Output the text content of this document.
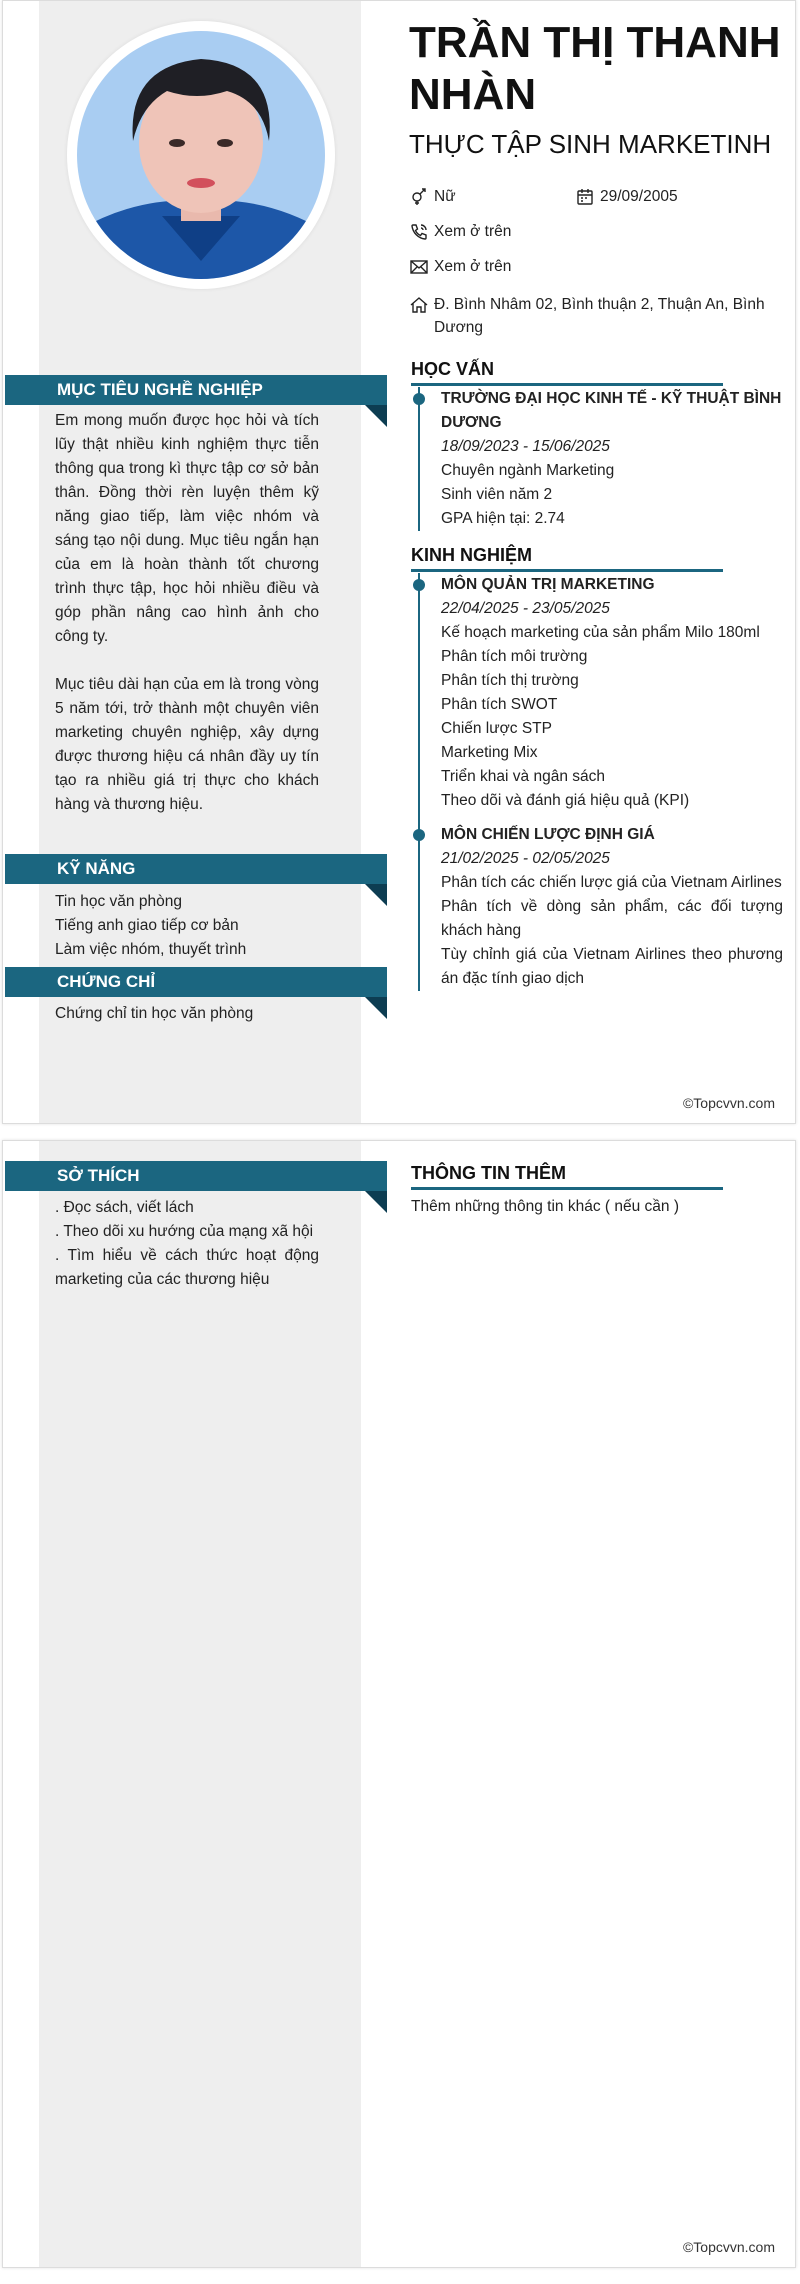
TRẦN THỊ THANH NHÀN
THỰC TẬP SINH MARKETINH
Nữ	29/09/2005
Xem ở trên
Xem ở trên
Đ. Bình Nhâm 02, Bình thuận 2, Thuận An, Bình Dương
MỤC TIÊU NGHỀ NGHIỆP

Em mong muốn được học hỏi và tích lũy thật nhiều kinh nghiệm thực tiễn thông qua trong kì thực tập cơ sở bản thân. Đồng thời rèn luyện thêm kỹ năng giao tiếp, làm việc nhóm và sáng tạo nội dung. Mục tiêu ngắn hạn của em là hoàn thành tốt chương trình thực tập, học hỏi nhiều điều và góp phần nâng cao hình ảnh cho công ty.

Mục tiêu dài hạn của em là trong vòng 5 năm tới, trở thành một chuyên viên marketing chuyên nghiệp, xây dựng được thương hiệu cá nhân đầy uy tín tạo ra nhiều giá trị thực cho khách hàng và thương hiệu.

KỸ NĂNG
Tin học văn phòng
Tiếng anh giao tiếp cơ bản
Làm việc nhóm, thuyết trình
CHỨNG CHỈ
Chứng chỉ tin học văn phòng
HỌC VẤN
TRƯỜNG ĐẠI HỌC KINH TẾ - KỸ THUẬT BÌNH DƯƠNG
18/09/2023 - 15/06/2025
Chuyên ngành Marketing
Sinh viên năm 2
GPA hiện tại: 2.74
KINH NGHIỆM
MÔN QUẢN TRỊ MARKETING
22/04/2025 - 23/05/2025
Kế hoạch marketing của sản phẩm Milo 180ml
Phân tích môi trường
Phân tích thị trường
Phân tích SWOT
Chiến lược STP
Marketing Mix
Triển khai và ngân sách
Theo dõi và đánh giá hiệu quả (KPI)
MÔN CHIẾN LƯỢC ĐỊNH GIÁ
21/02/2025 - 02/05/2025
Phân tích các chiến lược giá của Vietnam Airlines
Phân tích về dòng sản phẩm, các đối tượng khách hàng
Tùy chỉnh giá của Vietnam Airlines theo phương án đặc tính giao dịch
©Topcvvn.com
SỞ THÍCH
. Đọc sách, viết lách
. Theo dõi xu hướng của mạng xã hội
. Tìm hiểu về cách thức hoạt động marketing của các thương hiệu
THÔNG TIN THÊM
Thêm những thông tin khác ( nếu cần )
©Topcvvn.com
